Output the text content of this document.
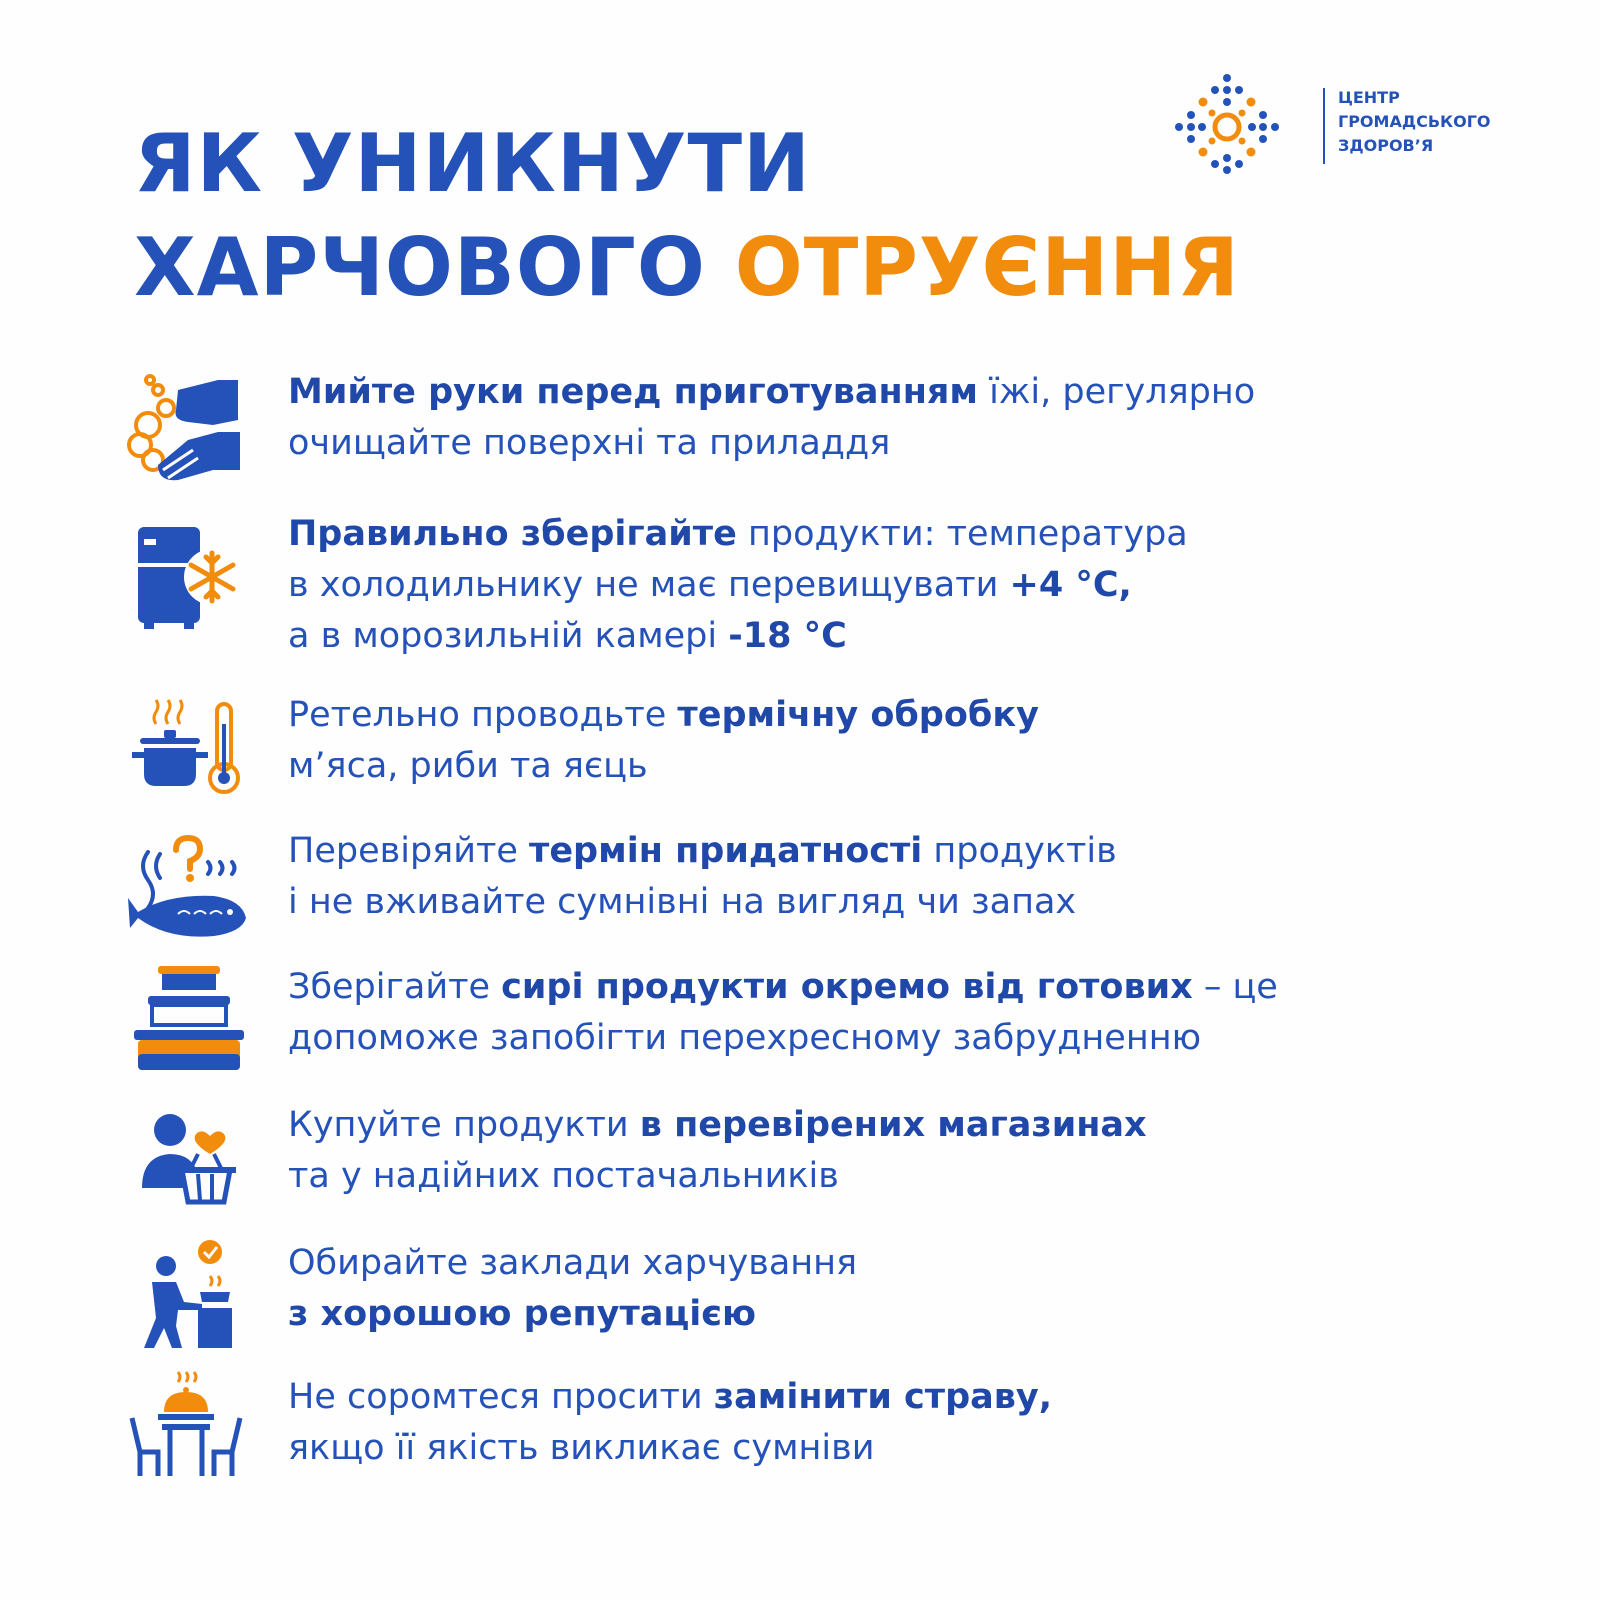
ЯК УНИКНУТИ
ХАРЧОВОГО ОТРУЄННЯ
ЦЕНТР
ГРОМАДСЬКОГО
ЗДОРОВ’Я
Мийте руки перед приготуванням їжі, регулярно
очищайте поверхні та приладдя
Правильно зберігайте продукти: температура
в холодильнику не має перевищувати +4 °С,
а в морозильній камері -18 °С
Ретельно проводьте термічну обробку
м’яса, риби та яєць
Перевіряйте термін придатності продуктів
і не вживайте сумнівні на вигляд чи запах
Зберігайте сирі продукти окремо від готових – це
допоможе запобігти перехресному забрудненню
Купуйте продукти в перевірених магазинах
та у надійних постачальників
Обирайте заклади харчування
з хорошою репутацією
Не соромтеся просити замінити страву,
якщо її якість викликає сумніви
